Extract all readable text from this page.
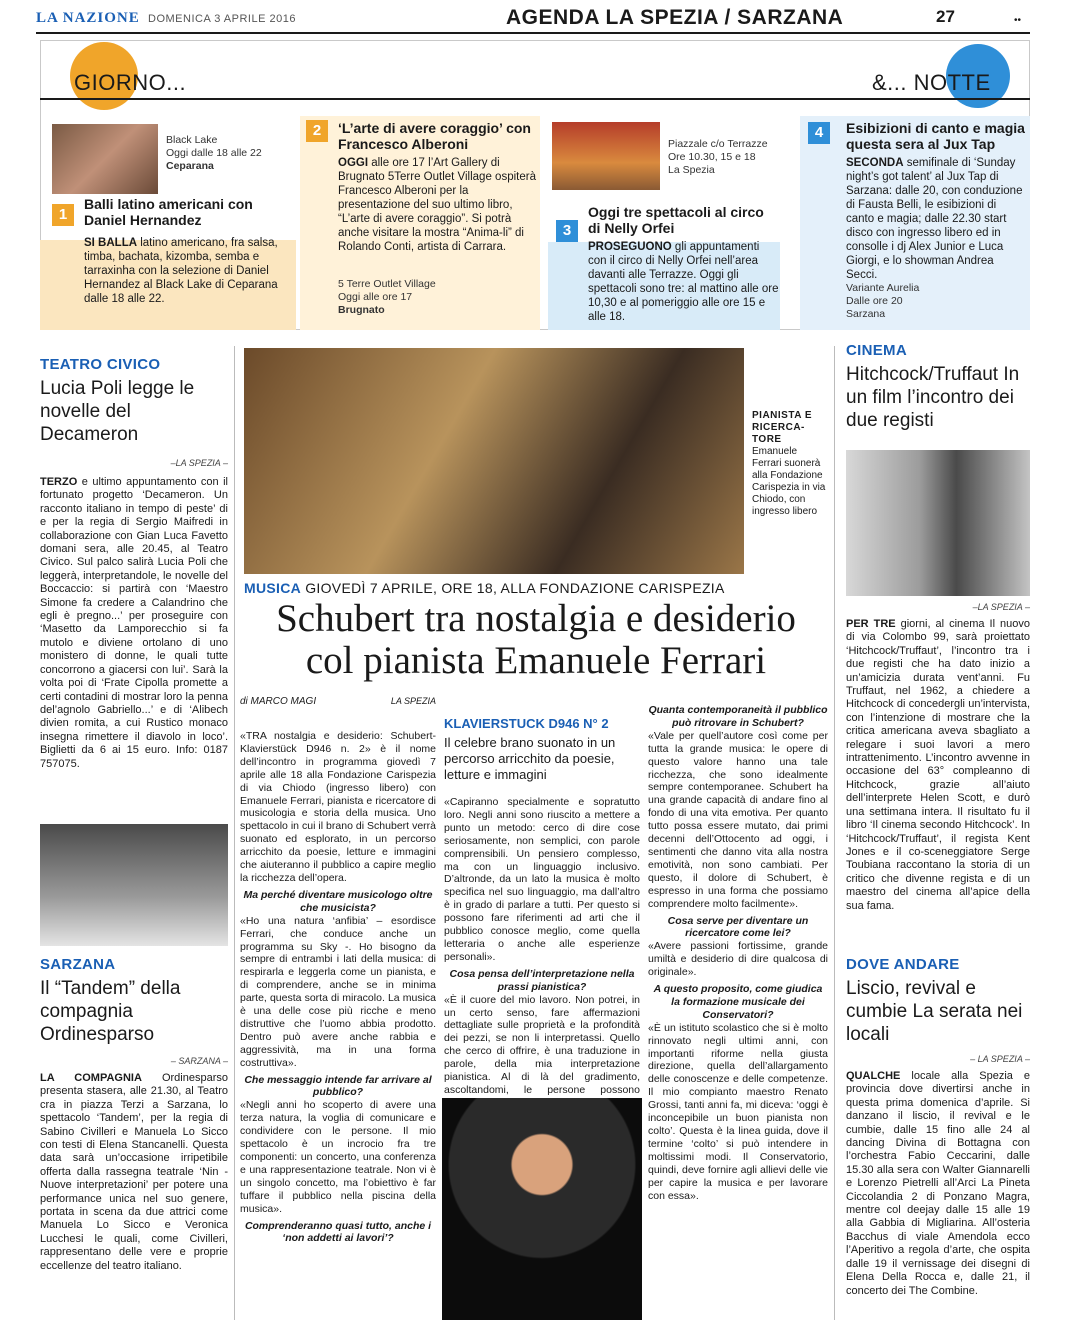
LA NAZIONE DOMENICA 3 APRILE 2016	AGENDA LA SPEZIA / SARZANA	27	••
GIORNO...	&... NOTTE
Black Lake
Oggi dalle 18 alle 22
Ceparana
1
Balli latino americani con Daniel Hernandez
SI BALLA latino americano, fra salsa, timba, bachata, kizomba, semba e tarraxinha con la selezione di Daniel Hernandez al Black Lake di Ceparana dalle 18 alle 22.
2	‘L’arte di avere coraggio’ con Francesco Alberoni
OGGI alle ore 17 l’Art Gallery di Brugnato 5Terre Outlet Village ospiterà Francesco Alberoni per la presentazione del suo ultimo libro, “L’arte di avere coraggio”. Si potrà anche visitare la mostra “Anima-li” di Rolando Conti, artista di Carrara.
5 Terre Outlet Village
Oggi alle ore 17
Brugnato
Piazzale c/o Terrazze
Ore 10.30, 15 e 18
La Spezia
3
Oggi tre spettacoli al circo di Nelly Orfei
PROSEGUONO gli appuntamenti con il circo di Nelly Orfei nell’area davanti alle Terrazze. Oggi gli spettacoli sono tre: al mattino alle ore 10,30 e al pomeriggio alle ore 15 e alle 18.
4	Esibizioni di canto e magia questa sera al Jux Tap
SECONDA semifinale di ‘Sunday night’s got talent’ al Jux Tap di Sarzana: dalle 20, con conduzione di Fausta Belli, le esibizioni di canto e magia; dalle 22.30 start disco con ingresso libero ed in consolle i dj Alex Junior e Luca Giorgi, e lo showman Andrea Secci.
Variante Aurelia
Dalle ore 20
Sarzana
TEATRO CIVICO
Lucia Poli legge le novelle del Decameron
–LA SPEZIA –
TERZO e ultimo appuntamento con il fortunato progetto ‘Decameron. Un racconto italiano in tempo di peste’ di e per la regia di Sergio Maifredi in collaborazione con Gian Luca Favetto domani sera, alle 20.45, al Teatro Civico. Sul palco salirà Lucia Poli che leggerà, interpretandole, le novelle del Boccaccio: si partirà con ‘Maestro Simone fa credere a Calandrino che egli è pregno...’ per proseguire con ‘Masetto da Lamporecchio si fa mutolo e diviene ortolano di uno monistero di donne, le quali tutte concorrono a giacersi con lui’. Sarà la volta poi di ‘Frate Cipolla promette a certi contadini di mostrar loro la penna del’agnolo Gabriello...’ e di ‘Alibech divien romita, a cui Rustico monaco insegna rimettere il diavolo in loco’. Biglietti da 6 ai 15 euro. Info: 0187 757075.
SARZANA
Il “Tandem” della compagnia Ordinesparso
– SARZANA –
LA COMPAGNIA Ordinesparso presenta stasera, alle 21.30, al Teatro cra in piazza Terzi a Sarzana, lo spettacolo ‘Tandem’, per la regia di Sabino Civilleri e Manuela Lo Sicco con testi di Elena Stancanelli. Questa data sarà un’occasione irripetibile offerta dalla rassegna teatrale ‘Nin - Nuove interpretazioni’ per potere una performance unica nel suo genere, portata in scena da due attrici come Manuela Lo Sicco e Veronica Lucchesi le quali, come Civilleri, rappresentano delle vere e proprie eccellenze del teatro italiano.
PIANISTA E RICERCA-TORE
Emanuele Ferrari suonerà alla Fondazione Carispezia in via Chiodo, con ingresso libero
MUSICA GIOVEDÌ 7 APRILE, ORE 18, ALLA FONDAZIONE CARISPEZIA
Schubert tra nostalgia e desiderio
col pianista Emanuele Ferrari
di MARCO MAGI	LA SPEZIA
«TRA nostalgia e desiderio: Schubert-Klavierstück D946 n. 2» è il nome dell’incontro in programma giovedì 7 aprile alle 18 alla Fondazione Carispezia di via Chiodo (ingresso libero) con Emanuele Ferrari, pianista e ricercatore di musicologia e storia della musica. Uno spettacolo in cui il brano di Schubert verrà suonato ed esplorato, in un percorso arricchito da poesie, letture e immagini che aiuteranno il pubblico a capire meglio la ricchezza dell’opera.
Ma perché diventare musicologo oltre che musicista?
«Ho una natura ‘anfibia’ – esordisce Ferrari, che conduce anche un programma su Sky -. Ho bisogno da sempre di entrambi i lati della musica: di respirarla e leggerla come un pianista, e di comprendere, anche se in minima parte, questa sorta di miracolo. La musica è una delle cose più ricche e meno distruttive che l’uomo abbia prodotto. Dentro può avere anche rabbia e aggressività, ma in una forma costruttiva».
Che messaggio intende far arrivare al pubblico?
«Negli anni ho scoperto di avere una terza natura, la voglia di comunicare e condividere con le persone. Il mio spettacolo è un incrocio fra tre componenti: un concerto, una conferenza e una rappresentazione teatrale. Non vi è un singolo concetto, ma l’obiettivo è far tuffare il pubblico nella piscina della musica».
Comprenderanno quasi tutto, anche i ‘non addetti ai lavori’?
KLAVIERSTUCK D946 N° 2
Il celebre brano suonato in un percorso arricchito da poesie, letture e immagini
«Capiranno specialmente e sopratutto loro. Negli anni sono riuscito a mettere a punto un metodo: cerco di dire cose seriosamente, non semplici, con parole comprensibili. Un pensiero complesso, ma con un linguaggio inclusivo. D’altronde, da un lato la musica è molto specifica nel suo linguaggio, ma dall’altro è in grado di parlare a tutti. Per questo si possono fare riferimenti ad arti che il pubblico conosce meglio, come quella letteraria o anche alle esperienze personali».
Cosa pensa dell’interpretazione nella prassi pianistica?
«È il cuore del mio lavoro. Non potrei, in un certo senso, fare affermazioni dettagliate sulle proprietà e la profondità dei pezzi, se non li interpretassi. Quello che cerco di offrire, è una traduzione in parole, della mia interpretazione pianistica. Al di là del gradimento, ascoltandomi, le persone possono
Quanta contemporaneità il pubblico può ritrovare in Schubert?
«Vale per quell’autore così come per tutta la grande musica: le opere di questo valore hanno una tale ricchezza, che sono idealmente sempre contemporanee. Schubert ha una grande capacità di andare fino al fondo di una vita emotiva. Per quanto tutto possa essere mutato, dai primi decenni dell’Ottocento ad oggi, i sentimenti che danno vita alla nostra emotività, non sono cambiati. Per questo, il dolore di Schubert, è espresso in una forma che possiamo comprendere molto facilmente».
Cosa serve per diventare un ricercatore come lei?
«Avere passioni fortissime, grande umiltà e desiderio di dire qualcosa di originale».
A questo proposito, come giudica la formazione musicale dei Conservatori?
«È un istituto scolastico che si è molto rinnovato negli ultimi anni, con importanti riforme nella giusta direzione, quella dell’allargamento delle conoscenze e delle competenze. Il mio compianto maestro Renato Grossi, tanti anni fa, mi diceva: ‘oggi è inconcepibile un buon pianista non colto’. Questa è la linea guida, dove il termine ‘colto’ si può intendere in moltissimi modi. Il Conservatorio, quindi, deve fornire agli allievi delle vie per capire la musica e per lavorare con essa».
CINEMA
Hitchcock/Truffaut In un film l’incontro dei due registi
–LA SPEZIA –
PER TRE giorni, al cinema Il nuovo di via Colombo 99, sarà proiettato ‘Hitchcock/Truffaut’, l’incontro tra i due registi che ha dato inizio a un’amicizia durata vent’anni. Fu Truffaut, nel 1962, a chiedere a Hitchcock di concedergli un’intervista, con l’intenzione di mostrare che la critica americana aveva sbagliato a relegare i suoi lavori a mero intrattenimento. L’incontro avvenne in occasione del 63° compleanno di Hitchcock, grazie all’aiuto dell’interprete Helen Scott, e durò una settimana intera. Il risultato fu il libro ‘Il cinema secondo Hitchcock’. In ‘Hitchcock/Truffaut’, il regista Kent Jones e il co-sceneggiatore Serge Toubiana raccontano la storia di un critico che divenne regista e di un maestro del cinema all’apice della sua fama.
DOVE ANDARE
Liscio, revival e cumbie La serata nei locali
– LA SPEZIA –
QUALCHE locale alla Spezia e provincia dove divertirsi anche in questa prima domenica d’aprile. Si danzano il liscio, il revival e le cumbie, dalle 15 fino alle 24 al dancing Divina di Bottagna con l’orchestra Fabio Ceccarini, dalle 15.30 alla sera con Walter Giannarelli e Lorenzo Pietrelli all’Arci La Pineta Ciccolandia 2 di Ponzano Magra, mentre col deejay dalle 15 alle 19 alla Gabbia di Migliarina. All’osteria Bacchus di viale Amendola ecco l’Aperitivo a regola d’arte, che ospita dalle 19 il vernissage dei disegni di Elena Della Rocca e, dalle 21, il concerto dei The Combine.
